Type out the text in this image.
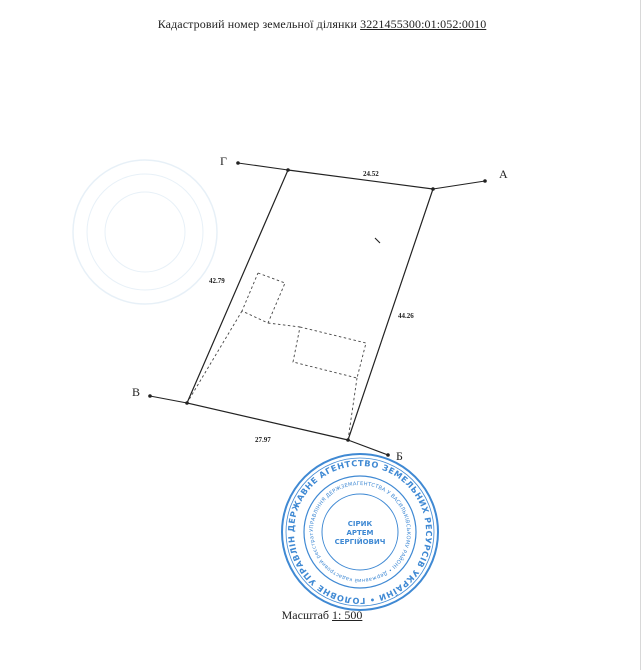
Кадастровий номер земельної ділянки 3221455300:01:052:0010
Г
А
В
Б
24.52
42.79
44.26
27.97
ДЕРЖАВНЕ АГЕНТСТВО ЗЕМЕЛЬНИХ РЕСУРСІВ УКРАЇНИ • ГОЛОВНЕ УПРАВЛІН
УПРАВЛІННЯ ДЕРЖЗЕМАГЕНТСТВА У ВАСИЛЬКІВСЬКОМУ РАЙОНІ • Державний кадастровий реєстрат
СІРИК
АРТЕМ
СЕРГІЙОВИЧ
Масштаб 1: 500
